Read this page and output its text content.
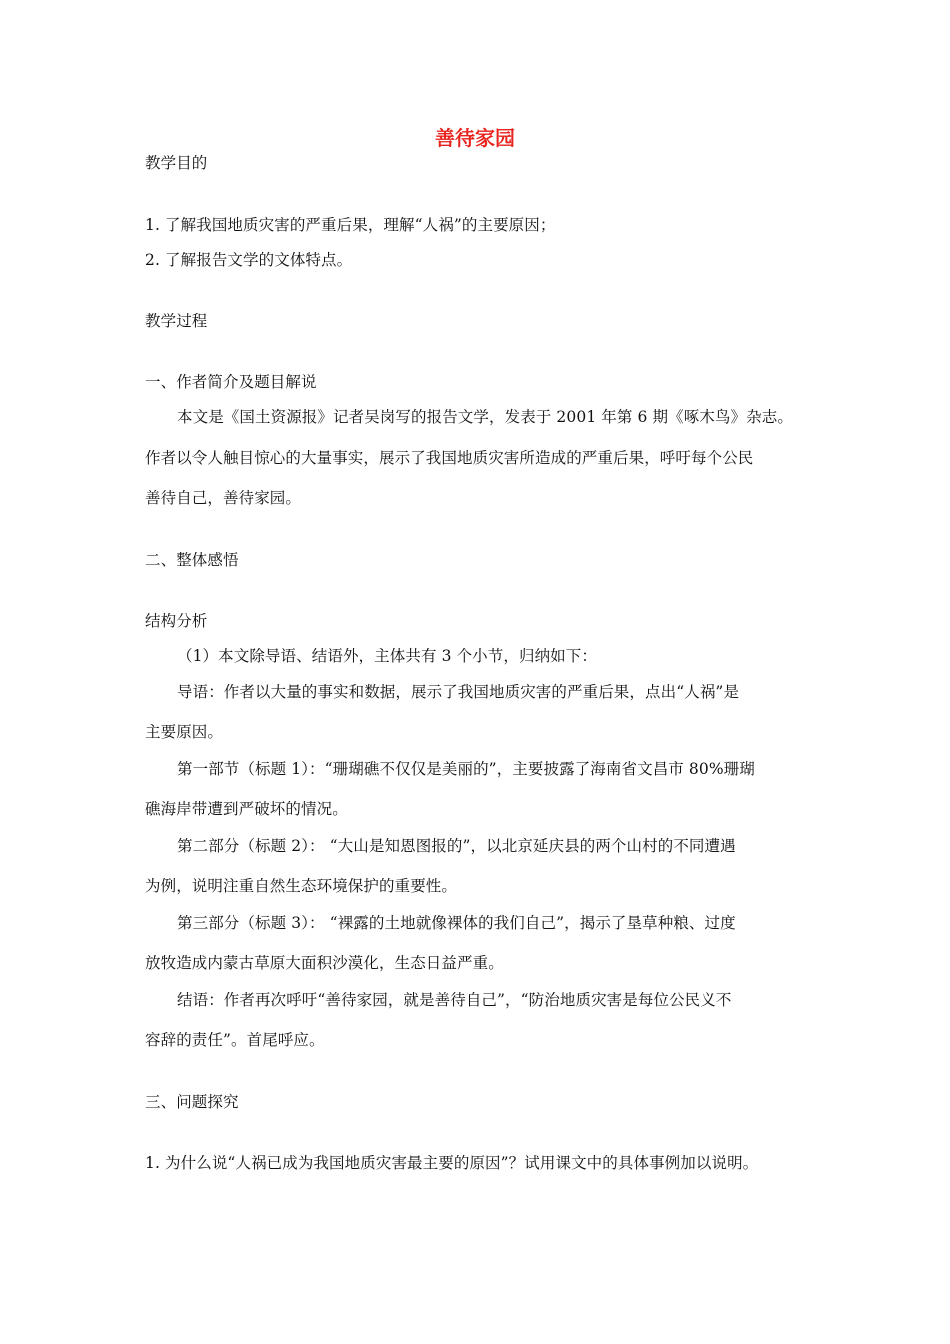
善待家园
教学目的
1. 了解我国地质灾害的严重后果，理解“人祸”的主要原因；
2. 了解报告文学的文体特点。
教学过程
一、作者简介及题目解说
本文是《国土资源报》记者吴岗写的报告文学，发表于 2001 年第 6 期《啄木鸟》杂志。
作者以令人触目惊心的大量事实，展示了我国地质灾害所造成的严重后果，呼吁每个公民
善待自己，善待家园。
二、整体感悟
结构分析
（1）本文除导语、结语外，主体共有 3 个小节，归纳如下：
导语：作者以大量的事实和数据，展示了我国地质灾害的严重后果，点出“人祸”是
主要原因。
第一部节（标题 1）：“珊瑚礁不仅仅是美丽的”，主要披露了海南省文昌市 80%珊瑚
礁海岸带遭到严破坏的情况。
第二部分（标题 2）： “大山是知恩图报的”，以北京延庆县的两个山村的不同遭遇
为例，说明注重自然生态环境保护的重要性。
第三部分（标题 3）： “裸露的土地就像裸体的我们自己”，揭示了垦草种粮、过度
放牧造成内蒙古草原大面积沙漠化，生态日益严重。
结语：作者再次呼吁“善待家园，就是善待自己”，“防治地质灾害是每位公民义不
容辞的责任”。首尾呼应。
三、问题探究
1. 为什么说“人祸已成为我国地质灾害最主要的原因”？试用课文中的具体事例加以说明。
